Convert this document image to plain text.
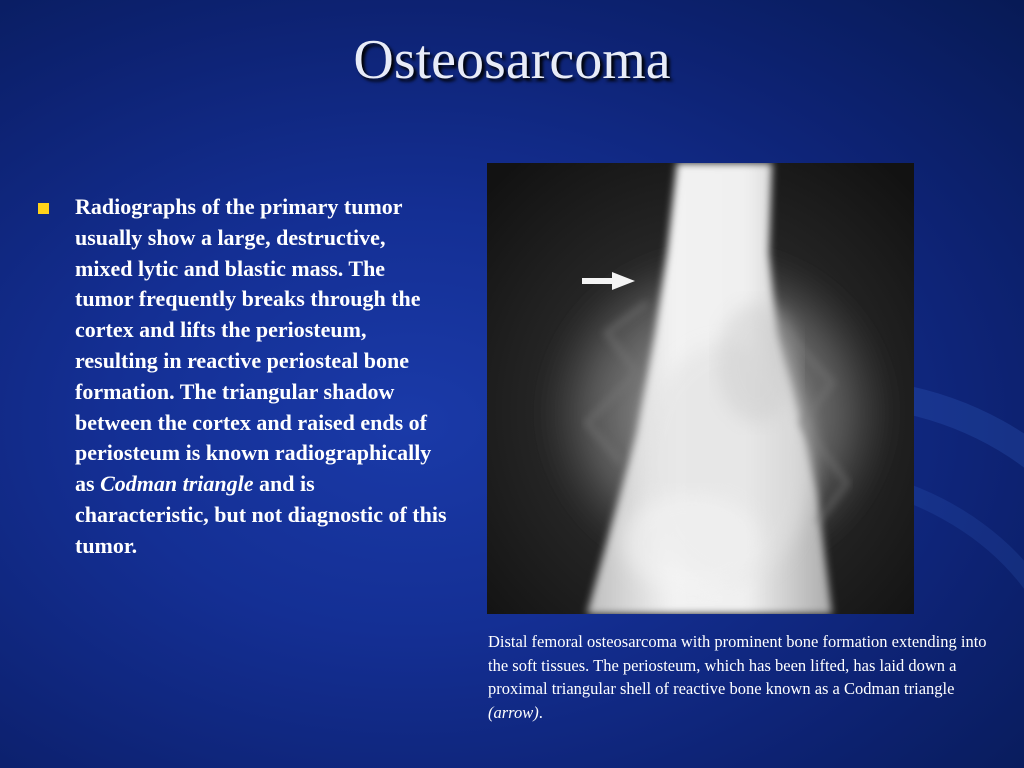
Osteosarcoma
Radiographs of the primary tumor usually show a large, destructive, mixed lytic and blastic mass. The tumor frequently breaks through the cortex and lifts the periosteum, resulting in reactive periosteal bone formation. The triangular shadow between the cortex and raised ends of periosteum is known radiographically as Codman triangle and is characteristic, but not diagnostic of this tumor.
Distal femoral osteosarcoma with prominent bone formation extending into the soft tissues. The periosteum, which has been lifted, has laid down a proximal triangular shell of reactive bone known as a Codman triangle (arrow).
